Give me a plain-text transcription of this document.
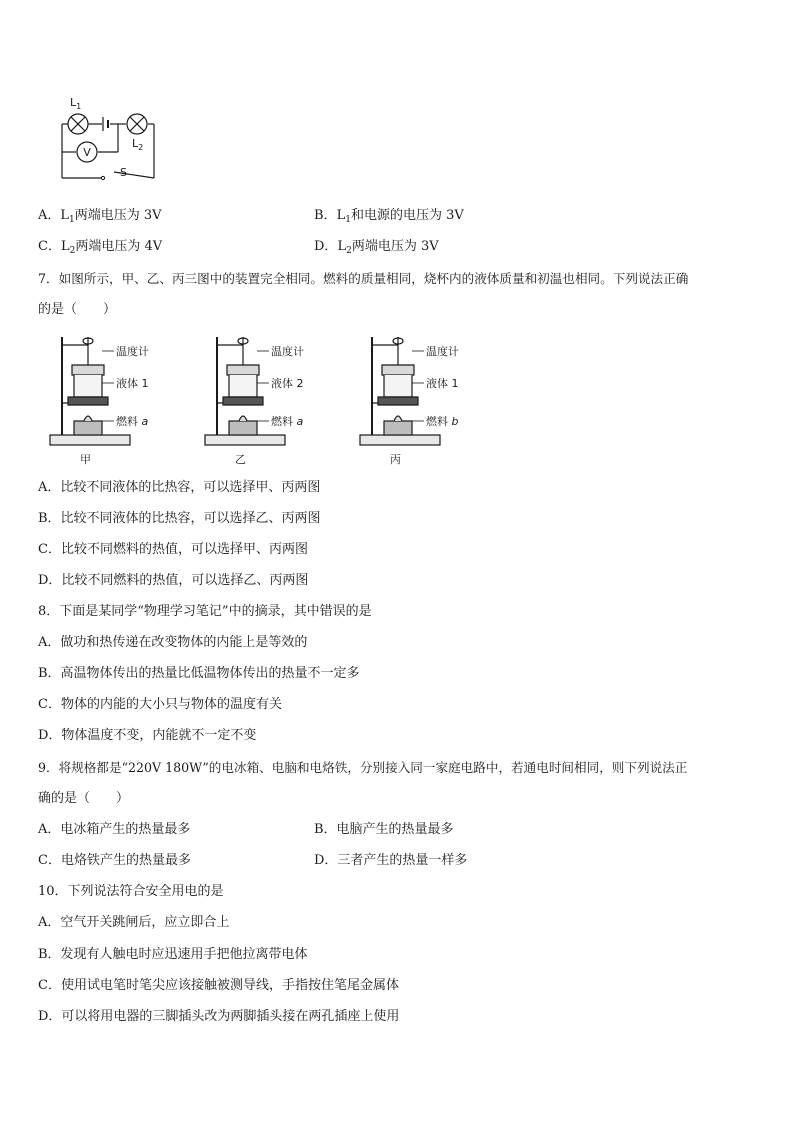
V
S
$L_1$
$L_2$
A．$L_1$两端电压为 3V	B．$L_1$和电源的电压为 3V
C．$L_2$两端电压为 4V	D．$L_2$两端电压为 3V
7．如图所示，甲、乙、丙三图中的装置完全相同。燃料的质量相同，烧杯内的液体质量和初温也相同。下列说法正确
的是（　　）
温度计
液体 1
燃料 a
甲
温度计
液体 2
燃料 a
乙
温度计
液体 1
燃料 b
丙
A．比较不同液体的比热容，可以选择甲、丙两图
B．比较不同液体的比热容，可以选择乙、丙两图
C．比较不同燃料的热值，可以选择甲、丙两图
D．比较不同燃料的热值，可以选择乙、丙两图
8．下面是某同学“物理学习笔记”中的摘录，其中错误的是
A．做功和热传递在改变物体的内能上是等效的
B．高温物体传出的热量比低温物体传出的热量不一定多
C．物体的内能的大小只与物体的温度有关
D．物体温度不变，内能就不一定不变
9．将规格都是“220V 180W”的电冰箱、电脑和电烙铁，分别接入同一家庭电路中，若通电时间相同，则下列说法正
确的是（　　）
A．电冰箱产生的热量最多	B．电脑产生的热量最多
C．电烙铁产生的热量最多	D．三者产生的热量一样多
10．下列说法符合安全用电的是
A．空气开关跳闸后，应立即合上
B．发现有人触电时应迅速用手把他拉离带电体
C．使用试电笔时笔尖应该接触被测导线，手指按住笔尾金属体
D．可以将用电器的三脚插头改为两脚插头接在两孔插座上使用
